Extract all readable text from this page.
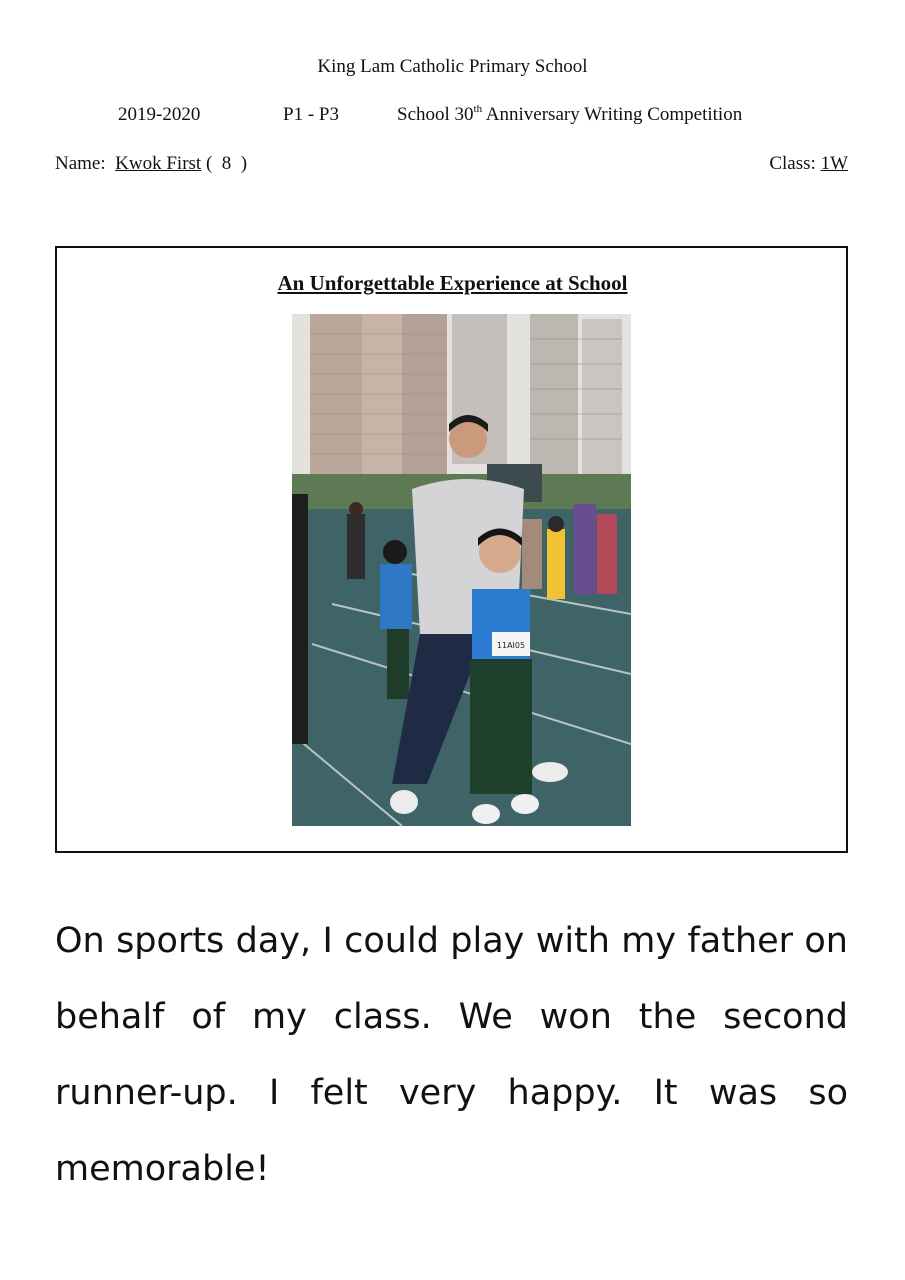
King Lam Catholic Primary School
2019-2020	P1 - P3	School 30th Anniversary Writing Competition
Name: Kwok First ( 8 )	Class: 1W
An Unforgettable Experience at School
11AI05
On sports day, I could play with my father on behalf of my class. We won the second runner-up. I felt very happy. It was so memorable!
